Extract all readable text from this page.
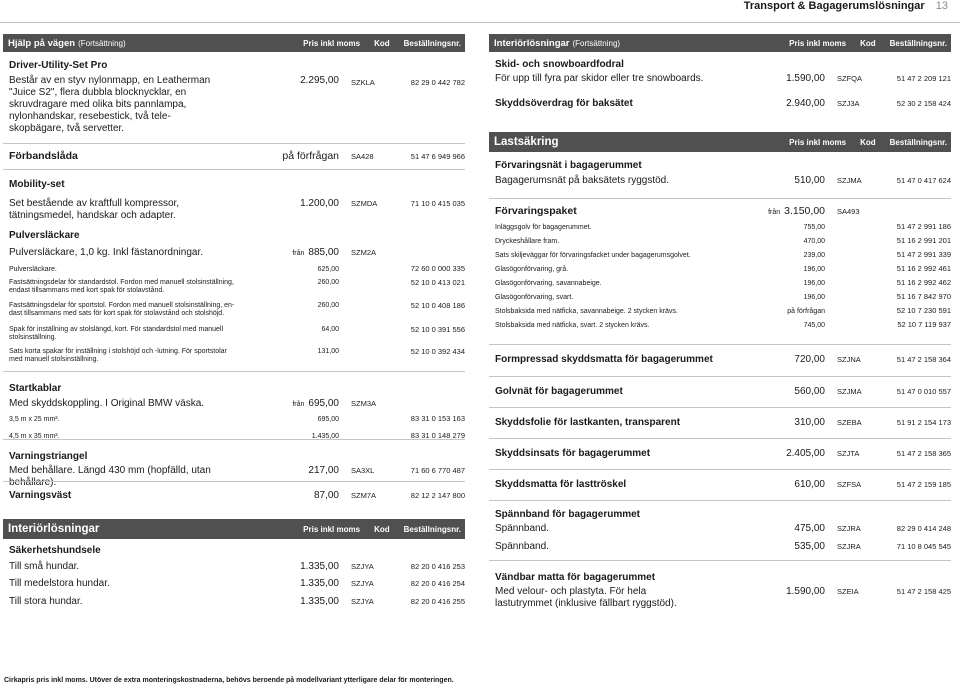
Transport & Bagagerumslösningar 13
Hjälp på vägen (Fortsättning)	Pris inkl moms Kod Beställningsnr.
Driver-Utility-Set Pro
Består av en styv nylonmapp, en Leatherman "Juice S2", flera dubbla blocknycklar, en skruvdragare med olika bits pannlampa, nylonhandskar, resebestick, två teleskopbägare, två servetter.
2.295,00	SZKLA	82 29 0 442 782
Förbandslåda	på förfrågan	SA428	51 47 6 949 966
Mobility-set
Set bestående av kraftfull kompressor, tätningsmedel, handskar och adapter.
1.200,00	SZMDA	71 10 0 415 035
Pulversläckare
Pulversläckare, 1,0 kg. Inkl fästanordningar.	från 885,00	SZM2A
Pulversläckare.	625,00	72 60 0 000 335
Fastsättningsdelar för standardstol. Fordon med manuell stolsinställning, endast tillsammans med kort spak för stolavstånd.
260,00	52 10 0 413 021
Fastsättningsdelar för sportstol. Fordon med manuell stolsinställning, endast tillsammans med sats för kort spak för stolavstånd och stolshöjd.
260,00	52 10 0 408 186
Spak för inställning av stolslängd, kort. För standardstol med manuell stolsinställning.
64,00	52 10 0 391 556
Sats korta spakar för inställning i stolshöjd och -lutning. För sportstolar med manuell stolsinställning.
131,00	52 10 0 392 434
Startkablar
Med skyddskoppling. I Original BMW väska.	från 695,00	SZM3A
3,5 m x 25 mm².	695,00	83 31 0 153 163
4,5 m x 35 mm².	1.435,00	83 31 0 148 279
Varningstriangel
Med behållare. Längd 430 mm (hopfälld, utan behållare).
217,00	SA3XL	71 60 6 770 487
Varningsväst	87,00	SZM7A	82 12 2 147 800
Interiörlösningar	Pris inkl moms Kod Beställningsnr.
Säkerhetshundsele
Till små hundar.	1.335,00	SZJYA	82 20 0 416 253
Till medelstora hundar.	1.335,00	SZJYA	82 20 0 416 254
Till stora hundar.	1.335,00	SZJYA	82 20 0 416 255
Interiörlösningar (Fortsättning)	Pris inkl moms Kod Beställningsnr.
Skid- och snowboardfodral
För upp till fyra par skidor eller tre snowboards.	1.590,00	SZFQA	51 47 2 209 121
Skyddsöverdrag för baksätet	2.940,00	SZJ3A	52 30 2 158 424
Lastsäkring	Pris inkl moms Kod Beställningsnr.
Förvaringsnät i bagagerummet
Bagagerumsnät på baksätets ryggstöd.	510,00	SZJMA	51 47 0 417 624
Förvaringspaket	från 3.150,00	SA493
Inläggsgolv för bagagerummet.	755,00	51 47 2 991 186
Dryckeshållare fram.	470,00	51 16 2 991 201
Sats skiljeväggar för förvaringsfacket under bagagerumsgolvet.	239,00	51 47 2 991 339
Glasögonförvaring, grå.	196,00	51 16 2 992 461
Glasögonförvaring, savannabeige.	196,00	51 16 2 992 462
Glasögonförvaring, svart.	196,00	51 16 7 842 970
Stolsbaksida med nätficka, savannabeige. 2 stycken krävs.	på förfrågan	52 10 7 230 591
Stolsbaksida med nätficka, svart. 2 stycken krävs.	745,00	52 10 7 119 937
Formpressad skyddsmatta för bagagerummet	720,00	SZJNA	51 47 2 158 364
Golvnät för bagagerummet	560,00	SZJMA	51 47 0 010 557
Skyddsfolie för lastkanten, transparent	310,00	SZEBA	51 91 2 154 173
Skyddsinsats för bagagerummet	2.405,00	SZJTA	51 47 2 158 365
Skyddsmatta för lasttröskel	610,00	SZFSA	51 47 2 159 185
Spännband för bagagerummet
Spännband.	475,00	SZJRA	82 29 0 414 248
Spännband.	535,00	SZJRA	71 10 8 045 545
Vändbar matta för bagagerummet
Med velour- och plastyta. För hela lastutrymmet (inklusive fällbart ryggstöd).
1.590,00	SZEIA	51 47 2 158 425
Cirkapris pris inkl moms. Utöver de extra monteringskostnaderna, behövs beroende på modellvariant ytterligare delar för monteringen.
